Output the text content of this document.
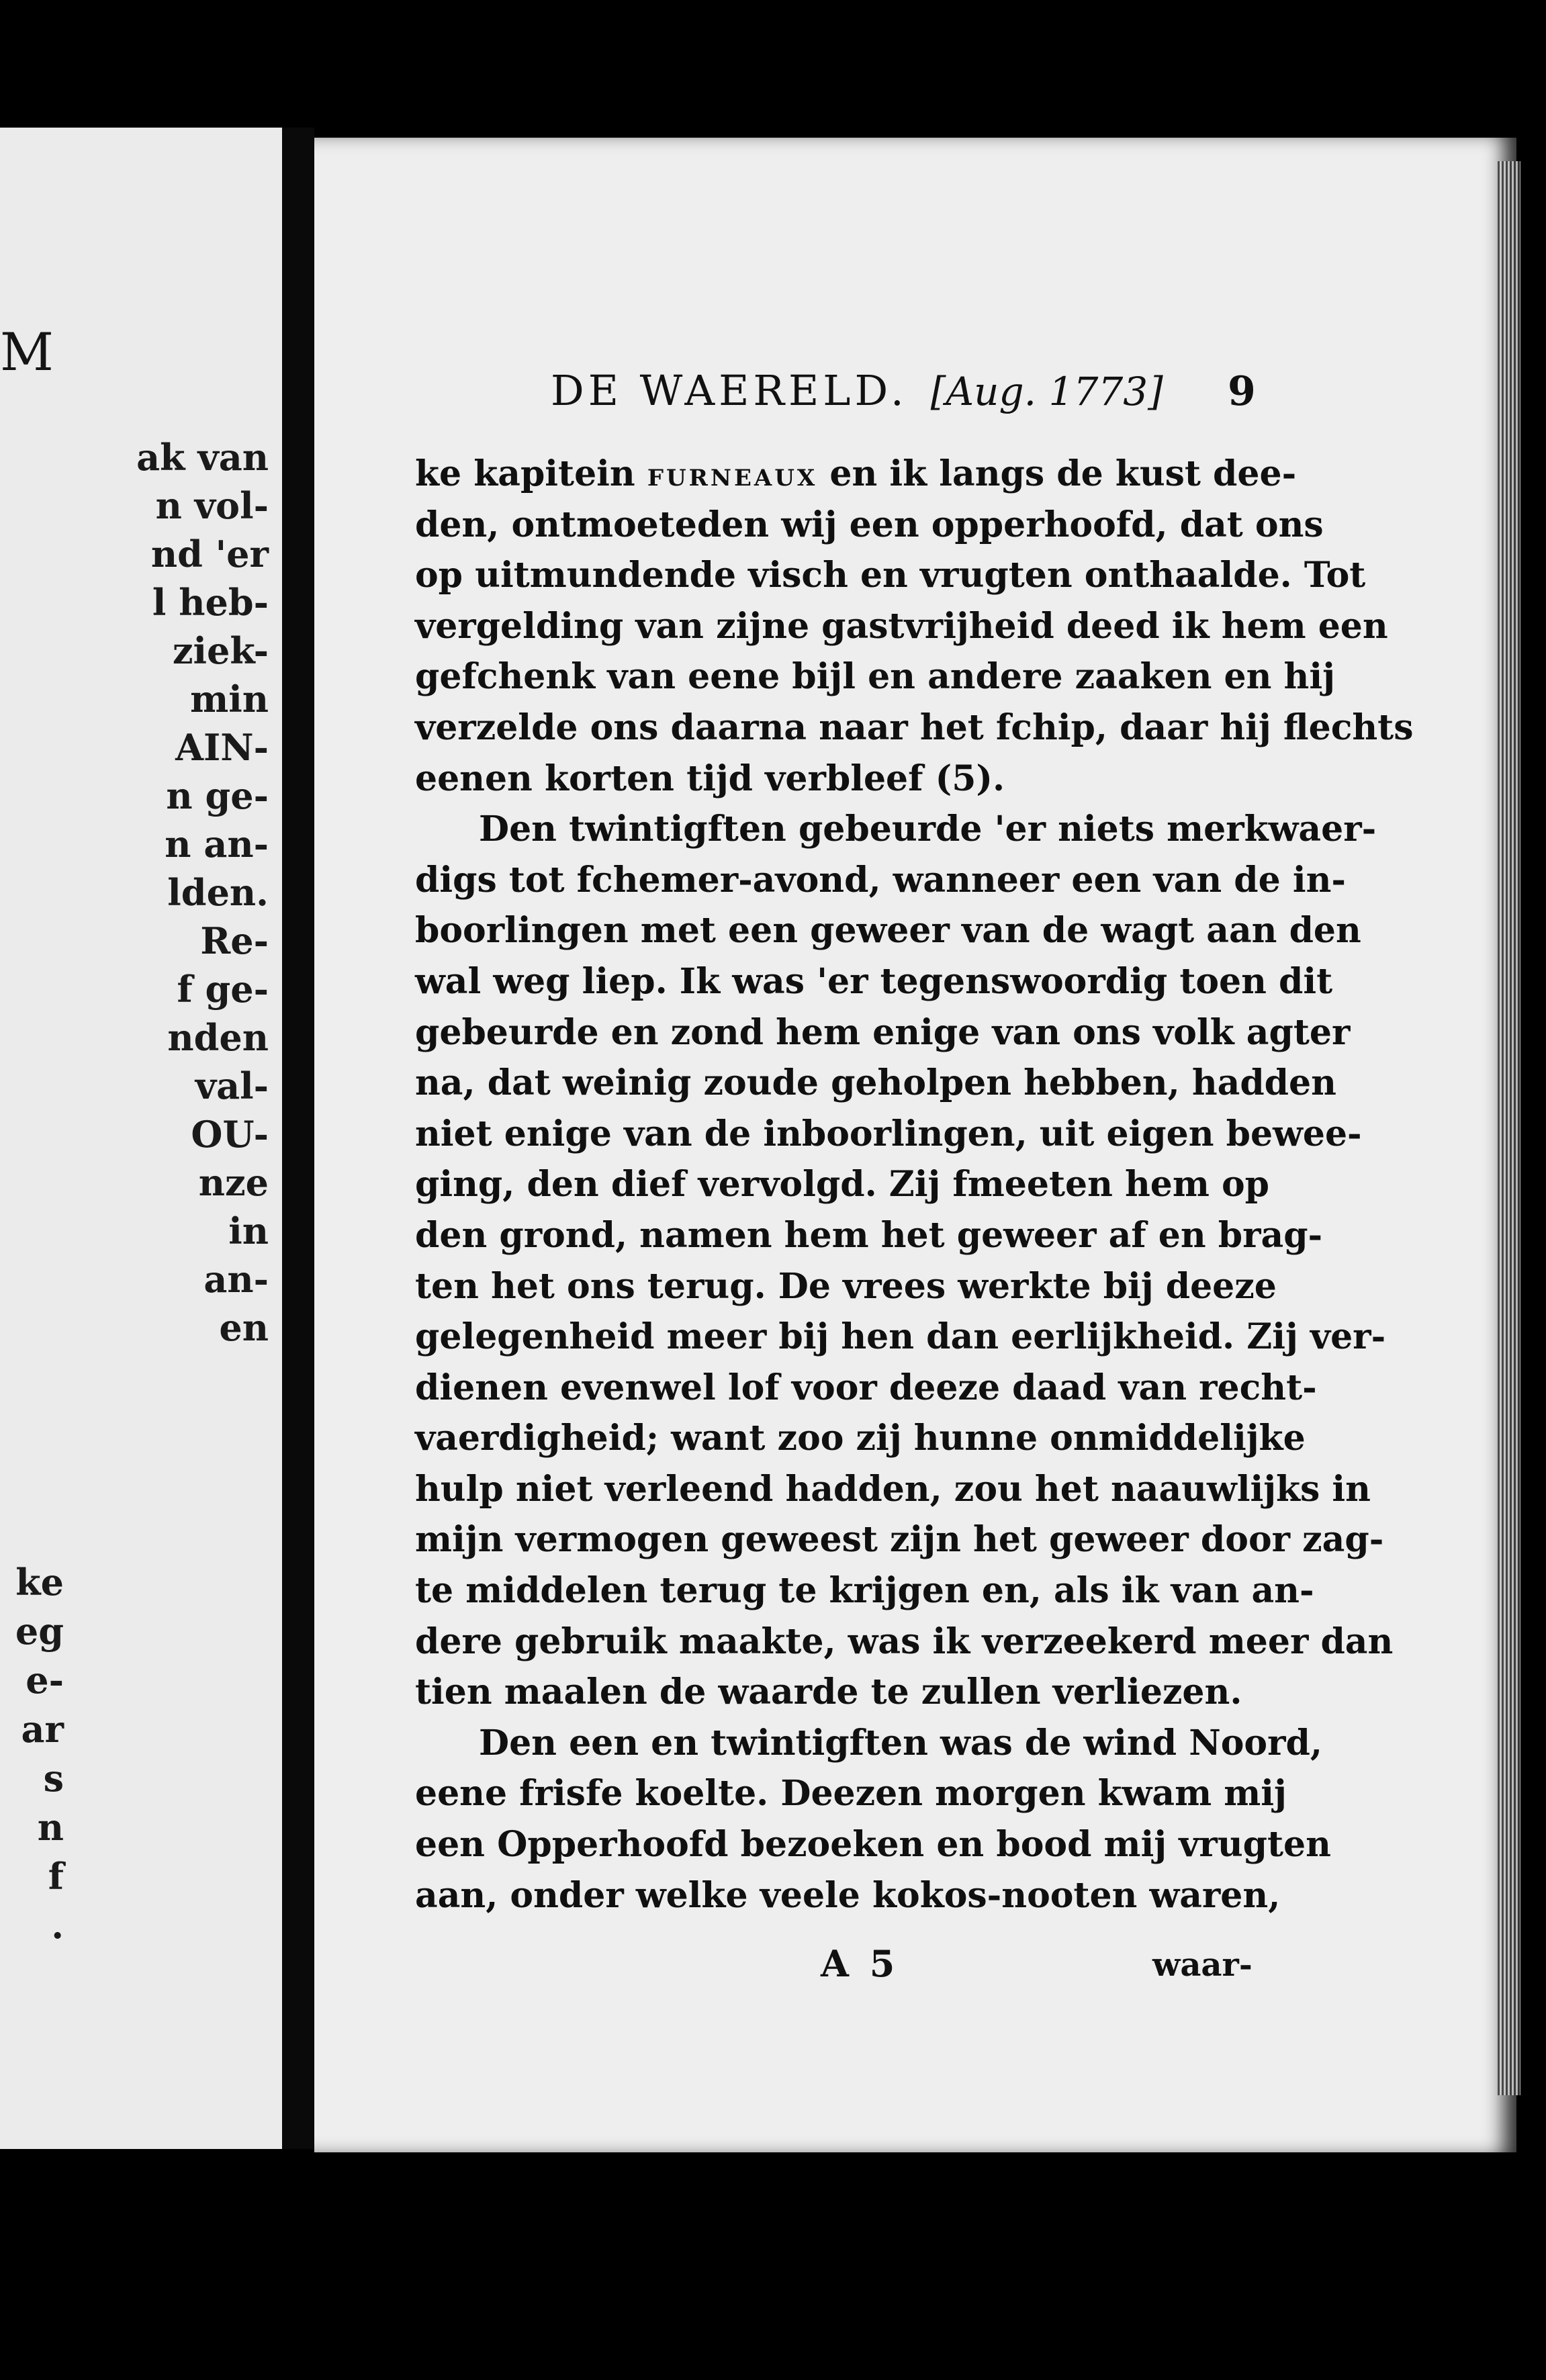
M
ak van
n vol-
nd 'er
l heb-
ziek-
min
AIN-
n ge-
n an-
lden.
Re-
f ge-
nden
val-
OU-
nze
in
an-
en
ke
eg
e-
ar
s
n
f
.
DE WAERELD. [Aug. 1773]	9
ke kapitein FURNEAUX en ik langs de kust dee-
den, ontmoeteden wij een opperhoofd, dat ons
op uitmundende visch en vrugten onthaalde. Tot
vergelding van zijne gastvrijheid deed ik hem een
gefchenk van eene bijl en andere zaaken en hij
verzelde ons daarna naar het fchip, daar hij flechts
eenen korten tijd verbleef (5).
Den twintigften gebeurde 'er niets merkwaer-
digs tot fchemer-avond, wanneer een van de in-
boorlingen met een geweer van de wagt aan den
wal weg liep. Ik was 'er tegenswoordig toen dit
gebeurde en zond hem enige van ons volk agter
na, dat weinig zoude geholpen hebben, hadden
niet enige van de inboorlingen, uit eigen bewee-
ging, den dief vervolgd. Zij fmeeten hem op
den grond, namen hem het geweer af en brag-
ten het ons terug. De vrees werkte bij deeze
gelegenheid meer bij hen dan eerlijkheid. Zij ver-
dienen evenwel lof voor deeze daad van recht-
vaerdigheid; want zoo zij hunne onmiddelijke
hulp niet verleend hadden, zou het naauwlijks in
mijn vermogen geweest zijn het geweer door zag-
te middelen terug te krijgen en, als ik van an-
dere gebruik maakte, was ik verzeekerd meer dan
tien maalen de waarde te zullen verliezen.
Den een en twintigften was de wind Noord,
eene frisfe koelte. Deezen morgen kwam mij
een Opperhoofd bezoeken en bood mij vrugten
aan, onder welke veele kokos-nooten waren,
A 5	waar-
